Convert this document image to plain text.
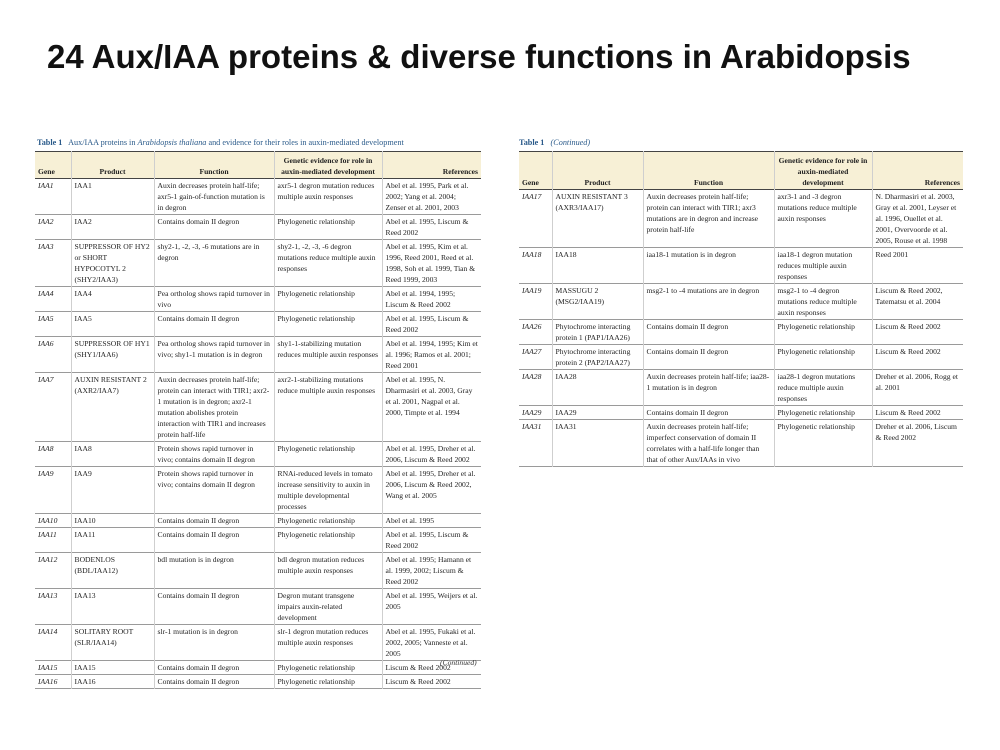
24 Aux/IAA proteins & diverse functions in Arabidopsis
Table 1 Aux/IAA proteins in Arabidopsis thaliana and evidence for their roles in auxin-mediated development
Gene	Product	Function	Genetic evidence for role in auxin-mediated development	References
IAA1	IAA1	Auxin decreases protein half-life; axr5-1 gain-of-function mutation is in degron	axr5-1 degron mutation reduces multiple auxin responses	Abel et al. 1995, Park et al. 2002; Yang et al. 2004; Zenser et al. 2001, 2003
IAA2	IAA2	Contains domain II degron	Phylogenetic relationship	Abel et al. 1995, Liscum & Reed 2002
IAA3	SUPPRESSOR OF HY2 or SHORT HYPOCOTYL 2 (SHY2/IAA3)	shy2-1, -2, -3, -6 mutations are in degron	shy2-1, -2, -3, -6 degron mutations reduce multiple auxin responses	Abel et al. 1995, Kim et al. 1996, Reed 2001, Reed et al. 1998, Soh et al. 1999, Tian & Reed 1999, 2003
IAA4	IAA4	Pea ortholog shows rapid turnover in vivo	Phylogenetic relationship	Abel et al. 1994, 1995; Liscum & Reed 2002
IAA5	IAA5	Contains domain II degron	Phylogenetic relationship	Abel et al. 1995, Liscum & Reed 2002
IAA6	SUPPRESSOR OF HY1 (SHY1/IAA6)	Pea ortholog shows rapid turnover in vivo; shy1-1 mutation is in degron	shy1-1-stabilizing mutation reduces multiple auxin responses	Abel et al. 1994, 1995; Kim et al. 1996; Ramos et al. 2001; Reed 2001
IAA7	AUXIN RESISTANT 2 (AXR2/IAA7)	Auxin decreases protein half-life; protein can interact with TIR1; axr2-1 mutation is in degron; axr2-1 mutation abolishes protein interaction with TIR1 and increases protein half-life	axr2-1-stabilizing mutations reduce multiple auxin responses	Abel et al. 1995, N. Dharmasiri et al. 2003, Gray et al. 2001, Nagpal et al. 2000, Timpte et al. 1994
IAA8	IAA8	Protein shows rapid turnover in vivo; contains domain II degron	Phylogenetic relationship	Abel et al. 1995, Dreher et al. 2006, Liscum & Reed 2002
IAA9	IAA9	Protein shows rapid turnover in vivo; contains domain II degron	RNAi-reduced levels in tomato increase sensitivity to auxin in multiple developmental processes	Abel et al. 1995, Dreher et al. 2006, Liscum & Reed 2002, Wang et al. 2005
IAA10	IAA10	Contains domain II degron	Phylogenetic relationship	Abel et al. 1995
IAA11	IAA11	Contains domain II degron	Phylogenetic relationship	Abel et al. 1995, Liscum & Reed 2002
IAA12	BODENLOS (BDL/IAA12)	bdl mutation is in degron	bdl degron mutation reduces multiple auxin responses	Abel et al. 1995; Hamann et al. 1999, 2002; Liscum & Reed 2002
IAA13	IAA13	Contains domain II degron	Degron mutant transgene impairs auxin-related development	Abel et al. 1995, Weijers et al. 2005
IAA14	SOLITARY ROOT (SLR/IAA14)	slr-1 mutation is in degron	slr-1 degron mutation reduces multiple auxin responses	Abel et al. 1995, Fukaki et al. 2002, 2005; Vanneste et al. 2005
IAA15	IAA15	Contains domain II degron	Phylogenetic relationship	Liscum & Reed 2002
IAA16	IAA16	Contains domain II degron	Phylogenetic relationship	Liscum & Reed 2002
(Continued)
Table 1 (Continued)
Gene	Product	Function	Genetic evidence for role in auxin-mediated development	References
IAA17	AUXIN RESISTANT 3 (AXR3/IAA17)	Auxin decreases protein half-life; protein can interact with TIR1; axr3 mutations are in degron and increase protein half-life	axr3-1 and -3 degron mutations reduce multiple auxin responses	N. Dharmasiri et al. 2003, Gray et al. 2001, Leyser et al. 1996, Ouellet et al. 2001, Overvoorde et al. 2005, Rouse et al. 1998
IAA18	IAA18	iaa18-1 mutation is in degron	iaa18-1 degron mutation reduces multiple auxin responses	Reed 2001
IAA19	MASSUGU 2 (MSG2/IAA19)	msg2-1 to -4 mutations are in degron	msg2-1 to -4 degron mutations reduce multiple auxin responses	Liscum & Reed 2002, Tatematsu et al. 2004
IAA26	Phytochrome interacting protein 1 (PAP1/IAA26)	Contains domain II degron	Phylogenetic relationship	Liscum & Reed 2002
IAA27	Phytochrome interacting protein 2 (PAP2/IAA27)	Contains domain II degron	Phylogenetic relationship	Liscum & Reed 2002
IAA28	IAA28	Auxin decreases protein half-life; iaa28-1 mutation is in degron	iaa28-1 degron mutations reduce multiple auxin responses	Dreher et al. 2006, Rogg et al. 2001
IAA29	IAA29	Contains domain II degron	Phylogenetic relationship	Liscum & Reed 2002
IAA31	IAA31	Auxin decreases protein half-life; imperfect conservation of domain II correlates with a half-life longer than that of other Aux/IAAs in vivo	Phylogenetic relationship	Dreher et al. 2006, Liscum & Reed 2002
